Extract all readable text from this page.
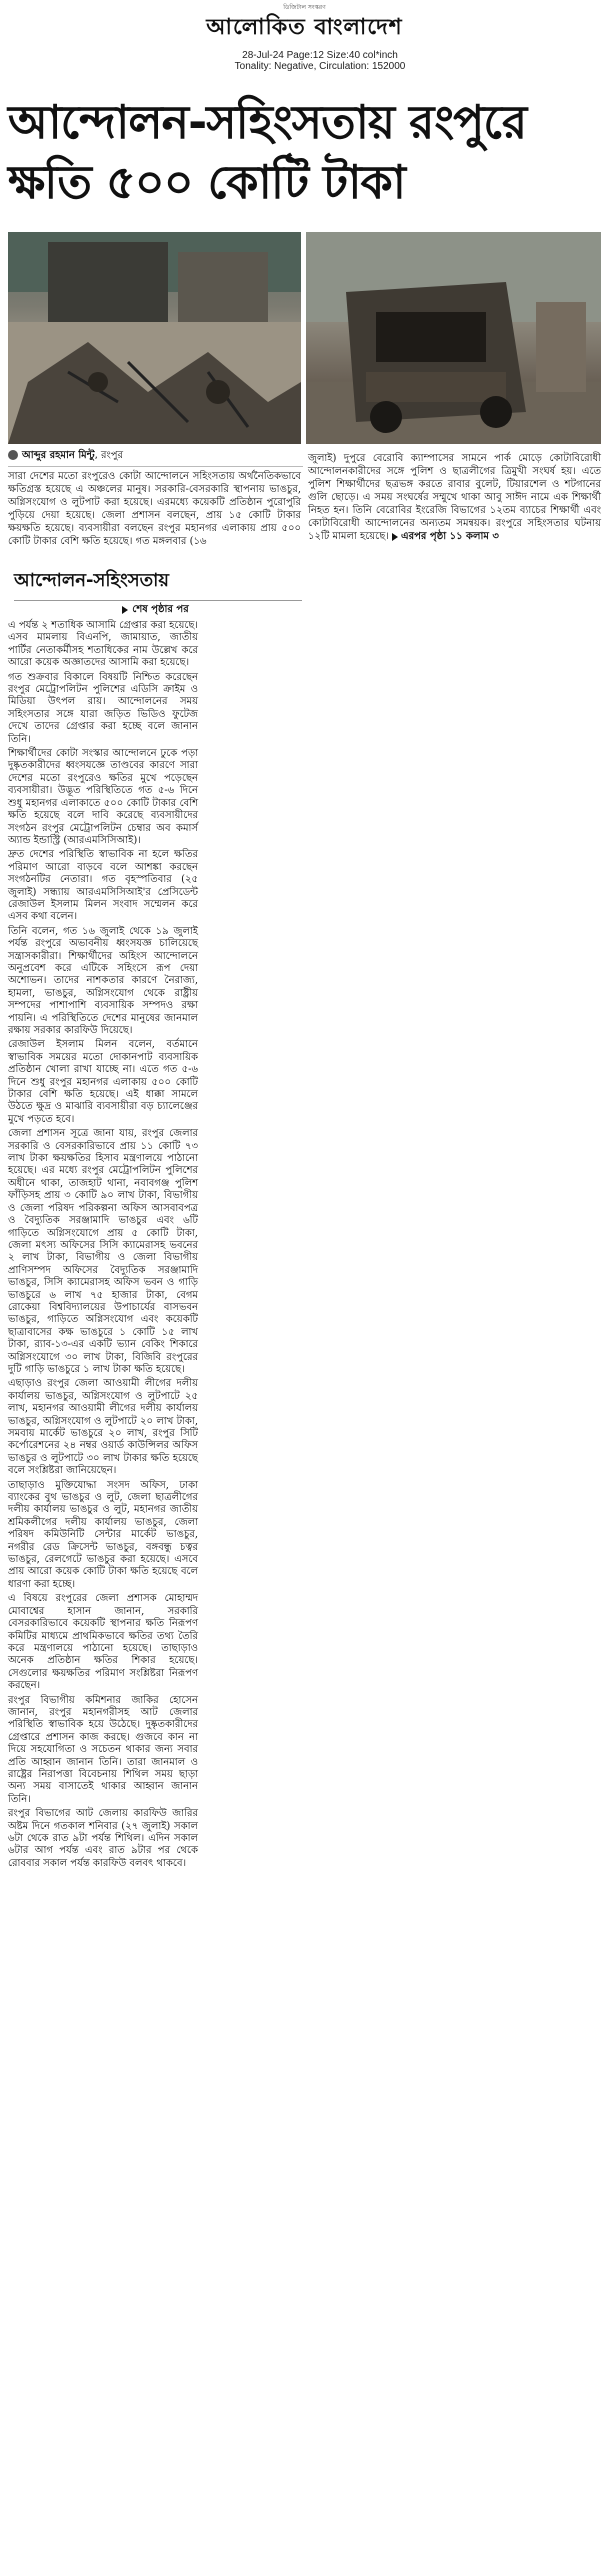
ডিজিটাল সংস্করণ
আলোকিত বাংলাদেশ
28-Jul-24 Page:12 Size:40 col*inch
Tonality: Negative, Circulation: 152000
আন্দোলন-সহিংসতায় রংপুরে ক্ষতি ৫০০ কোটি টাকা
আব্দুর রহমান মিন্টু, রংপুর

সারা দেশের মতো রংপুরেও কোটা আন্দোলনে সহিংসতায় অর্থনৈতিকভাবে ক্ষতিগ্রস্ত হয়েছে এ অঞ্চলের মানুষ। সরকারি-বেসরকারি স্থাপনায় ভাঙচুর, অগ্নিসংযোগ ও লুটপাট করা হয়েছে। এরমধ্যে কয়েকটি প্রতিষ্ঠান পুরোপুরি পুড়িয়ে দেয়া হয়েছে। জেলা প্রশাসন বলছেন, প্রায় ১৫ কোটি টাকার ক্ষয়ক্ষতি হয়েছে। ব্যবসায়ীরা বলছেন রংপুর মহানগর এলাকায় প্রায় ৫০০ কোটি টাকার বেশি ক্ষতি হয়েছে। গত মঙ্গলবার (১৬

জুলাই) দুপুরে বেরোবি ক্যাম্পাসের সামনে পার্ক মোড়ে কোটাবিরোধী আন্দোলনকারীদের সঙ্গে পুলিশ ও ছাত্রলীগের ত্রিমুখী সংঘর্ষ হয়। এতে পুলিশ শিক্ষার্থীদের ছত্রভঙ্গ করতে রাবার বুলেট, টিয়ারশেল ও শটগানের গুলি ছোড়ে। এ সময় সংঘর্ষের সম্মুখে থাকা আবু সাঈদ নামে এক শিক্ষার্থী নিহত হন। তিনি বেরোবির ইংরেজি বিভাগের ১২তম ব্যাচের শিক্ষার্থী এবং কোটাবিরোধী আন্দোলনের অন্যতম সমন্বয়ক। রংপুরে সহিংসতার ঘটনায় ১২টি মামলা হয়েছে। এরপর পৃষ্ঠা ১১ কলাম ৩

আন্দোলন-সহিংসতায়
শেষ পৃষ্ঠার পর

এ পর্যন্ত ২ শতাধিক আসামি গ্রেপ্তার করা হয়েছে। এসব মামলায় বিএনপি, জামায়াত, জাতীয় পার্টির নেতাকর্মীসহ শতাধিকের নাম উল্লেখ করে আরো কয়েক অজ্ঞাতদের আসামি করা হয়েছে।

গত শুক্রবার বিকালে বিষয়টি নিশ্চিত করেছেন রংপুর মেট্রোপলিটন পুলিশের এডিসি ক্রাইম ও মিডিয়া উৎপল রায়। আন্দোলনের সময় সহিংসতার সঙ্গে যারা জড়িত ভিডিও ফুটেজ দেখে তাদের গ্রেপ্তার করা হচ্ছে বলে জানান তিনি।

শিক্ষার্থীদের কোটা সংস্কার আন্দোলনে ঢুকে পড়া দুষ্কৃতকারীদের ধ্বংসযজ্ঞে তাণ্ডবের কারণে সারা দেশের মতো রংপুরেও ক্ষতির মুখে পড়েছেন ব্যবসায়ীরা। উদ্ভূত পরিস্থিতিতে গত ৫-৬ দিনে শুধু মহানগর এলাকাতে ৫০০ কোটি টাকার বেশি ক্ষতি হয়েছে বলে দাবি করেছে ব্যবসায়ীদের সংগঠন রংপুর মেট্রোপলিটন চেম্বার অব কমার্স অ্যান্ড ইন্ডাস্ট্রি (আরএমসিসিআই)।

দ্রুত দেশের পরিস্থিতি স্বাভাবিক না হলে ক্ষতির পরিমাণ আরো বাড়বে বলে আশঙ্কা করছেন সংগঠনটির নেতারা। গত বৃহস্পতিবার (২৫ জুলাই) সন্ধ্যায় আরএমসিসিআই'র প্রেসিডেন্ট রেজাউল ইসলাম মিলন সংবাদ সম্মেলন করে এসব কথা বলেন।

তিনি বলেন, গত ১৬ জুলাই থেকে ১৯ জুলাই পর্যন্ত রংপুরে অভাবনীয় ধ্বংসযজ্ঞ চালিয়েছে সন্ত্রাসকারীরা। শিক্ষার্থীদের অহিংস আন্দোলনে অনুপ্রবেশ করে এটিকে সহিংসে রূপ দেয়া অশোভন। তাদের নাশকতার কারণে নৈরাজ্য, হামলা, ভাঙচুর, অগ্নিসংযোগ থেকে রাষ্ট্রীয় সম্পদের পাশাপাশি ব্যবসায়িক সম্পদও রক্ষা পায়নি। এ পরিস্থিতিতে দেশের মানুষের জানমাল রক্ষায় সরকার কারফিউ দিয়েছে।

রেজাউল ইসলাম মিলন বলেন, বর্তমানে স্বাভাবিক সময়ের মতো দোকানপাট ব্যবসায়িক প্রতিষ্ঠান খোলা রাখা যাচ্ছে না। এতে গত ৫-৬ দিনে শুধু রংপুর মহানগর এলাকায় ৫০০ কোটি টাকার বেশি ক্ষতি হয়েছে। এই ধাক্কা সামলে উঠতে ক্ষুদ্র ও মাঝারি ব্যবসায়ীরা বড় চ্যালেঞ্জের মুখে পড়তে হবে।

জেলা প্রশাসন সূত্রে জানা যায়, রংপুর জেলার সরকারি ও বেসরকারিভাবে প্রায় ১১ কোটি ৭৩ লাখ টাকা ক্ষয়ক্ষতির হিসাব মন্ত্রণালয়ে পাঠানো হয়েছে। এর মধ্যে রংপুর মেট্রোপলিটন পুলিশের অধীনে থাকা, তাজহাট থানা, নবাবগঞ্জ পুলিশ ফাঁড়িসহ প্রায় ৩ কোটি ৯০ লাখ টাকা, বিভাগীয় ও জেলা পরিষদ পরিকল্পনা অফিস আসবাবপত্র ও বৈদ্যুতিক সরঞ্জামাদি ভাঙচুর এবং ৬টি গাড়িতে অগ্নিসংযোগে প্রায় ৫ কোটি টাকা, জেলা মৎস্য অফিসের সিসি ক্যামেরাসহ ভবনের ২ লাখ টাকা, বিভাগীয় ও জেলা বিভাগীয় প্রাণিসম্পদ অফিসের বৈদ্যুতিক সরঞ্জামাদি ভাঙচুর, সিসি ক্যামেরাসহ অফিস ভবন ও গাড়ি ভাঙচুরে ৬ লাখ ৭৫ হাজার টাকা, বেগম রোকেয়া বিশ্ববিদ্যালয়ের উপাচার্যের বাসভবন ভাঙচুর, গাড়িতে অগ্নিসংযোগ এবং কয়েকটি ছাত্রাবাসের কক্ষ ভাঙচুরে ১ কোটি ১৫ লাখ টাকা, র‌্যাব-১৩-এর একটি ভ্যান বেকিং শিকারে অগ্নিসংযোগে ৩০ লাখ টাকা, বিজিবি রংপুরের দুটি গাড়ি ভাঙচুরে ১ লাখ টাকা ক্ষতি হয়েছে।

এছাড়াও রংপুর জেলা আওয়ামী লীগের দলীয় কার্যালয় ভাঙচুর, অগ্নিসংযোগ ও লুটপাটে ২৫ লাখ, মহানগর আওয়ামী লীগের দলীয় কার্যালয় ভাঙচুর, অগ্নিসংযোগ ও লুটপাটে ২০ লাখ টাকা, সমবায় মার্কেট ভাঙচুরে ২০ লাখ, রংপুর সিটি কর্পোরেশনের ২৪ নম্বর ওয়ার্ড কাউন্সিলর অফিস ভাঙচুর ও লুটপাটে ৩০ লাখ টাকার ক্ষতি হয়েছে বলে সংশ্লিষ্টরা জানিয়েছেন।

তাছাড়াও মুক্তিযোদ্ধা সংসদ অফিস, ঢাকা ব্যাংকের বুথ ভাঙচুর ও লুট, জেলা ছাত্রলীগের দলীয় কার্যালয় ভাঙচুর ও লুট, মহানগর জাতীয় শ্রমিকলীগের দলীয় কার্যালয় ভাঙচুর, জেলা পরিষদ কমিউনিটি সেন্টার মার্কেট ভাঙচুর, নগরীর রেড ক্রিসেন্ট ভাঙচুর, বঙ্গবন্ধু চত্বর ভাঙচুর, রেলগেটে ভাঙচুর করা হয়েছে। এসবে প্রায় আরো কয়েক কোটি টাকা ক্ষতি হয়েছে বলে ধারণা করা হচ্ছে।

এ বিষয়ে রংপুরের জেলা প্রশাসক মোহাম্মদ মোবাশ্বের হাসান জানান, সরকারি বেসরকারিভাবে কয়েকটি স্থাপনার ক্ষতি নিরূপণ কমিটির মাধ্যমে প্রাথমিকভাবে ক্ষতির তথ্য তৈরি করে মন্ত্রণালয়ে পাঠানো হয়েছে। তাছাড়াও অনেক প্রতিষ্ঠান ক্ষতির শিকার হয়েছে। সেগুলোর ক্ষয়ক্ষতির পরিমাণ সংশ্লিষ্টরা নিরূপণ করছেন।

রংপুর বিভাগীয় কমিশনার জাকির হোসেন জানান, রংপুর মহানগরীসহ আট জেলার পরিস্থিতি স্বাভাবিক হয়ে উঠেছে। দুষ্কৃতকারীদের গ্রেপ্তারে প্রশাসন কাজ করছে। গুজবে কান না দিয়ে সহযোগিতা ও সচেতন থাকার জন্য সবার প্রতি আহ্বান জানান তিনি। তারা জানমাল ও রাষ্ট্রের নিরাপত্তা বিবেচনায় শিথিল সময় ছাড়া অন্য সময় বাসাতেই থাকার আহ্বান জানান তিনি।

রংপুর বিভাগের আট জেলায় কারফিউ জারির অষ্টম দিনে গতকাল শনিবার (২৭ জুলাই) সকাল ৬টা থেকে রাত ৯টা পর্যন্ত শিথিল। এদিন সকাল ৬টার আগ পর্যন্ত এবং রাত ৯টার পর থেকে রোববার সকাল পর্যন্ত কারফিউ বলবৎ থাকবে।
